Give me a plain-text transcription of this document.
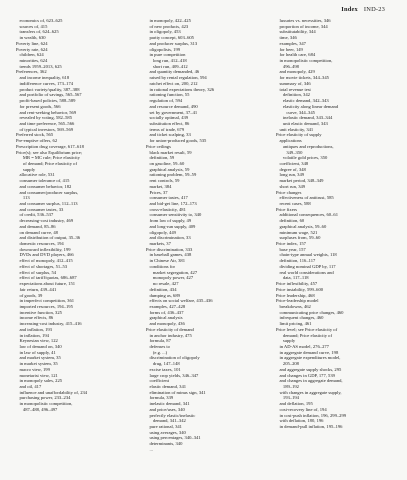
Index IND-23
economics of, 623–625
sources of, 415
transfers of, 624–625
in wealth, 630
Poverty line, 624
Poverty rate, 624
children, 624
minorities, 624
trends 1959–2013, 625
Preferences, 362
and income inequality, 618
indifference curves, 173–174
product variety/quality, 387–388
and portfolio of savings, 565–567
profit-based policies, 588–589
for present goods, 566
and rent-seeking behavior, 569
revealed by voting, 582–585
and time preference, 565–566
of typical investors, 569–569
Preferred stock, 565
Pre-emptive offers, 62
Prescription drug coverage, 617–618
Price(s); see also Equilibrium price;
MR = MC rule; Price elasticity
of demand; Price elasticity of
supply
allocative role, 531
consumer tolerance of, 415
and consumer behavior, 182
and consumer/producer surplus,
113
and consumer surplus, 112–113
and consumer tastes, 33
of credit, 536–537
decreasing-cost industry, 469
and demand, 85–86
on demand curve, 48
and distribution of output, 35–36
domestic resources, 194
downward inflexibility, 199
DVDs and DVD players, 466
effect of monopoly, 412–415
effect of shortages, 51–53
effect of surplus, 54
effect of tariff/quotas, 686–687
expectations about future, 151
fair return, 439–441
of goods, 39
in imperfect competition, 361
imported resources, 194–195
incentive function, 325
income effects, 86
increasing-cost industry, 415–416
and inflation, 193
in inflation, 194
Keynesian view, 122
law of demand on, 340
in law of supply, 41
and market system, 35
in market system, 35
macro view, 199
monetarist view, 121
in monopoly sales, 225
and oil, 417
influence and unaffordability of, 234
purchasing power, 233–234
in monopolistic competition,
487–488, 496–497
in monopoly, 422–425
of new products, 423
in oligopoly, 453
parity concept, 603–605
and producer surplus, 313
oligopolists, 199
in pure competition
long run, 412–418
short run, 409–412
and quantity demanded, 46
raised by rental regulation, 594
ratchet effect on, 200, 212
in rational expectations theory, 326
rationing function, 55
regulation of, 594
and resource demand, 490
set by government, 37–41
socially optimal, 439
substitution effect, 86
terms of trade, 679
and ticket scalping, 33
for union-produced goods, 535
Price ceilings
black market result, 59
definition, 59
on gasoline, 59–60
graphical analysis, 59
rationing problem, 59–59
rent controls, 59
market, 384
Prices, 37
consumer tastes, 417
and bid-get line, 172–173
cross-elasticity, 481
consumer sensitivity to, 340
from law of supply, 49
and long-run supply, 409
oligopoly, 449
and discrimination, 33
markets, 37
Price discrimination, 333
in baseball games, 438
in Chinese Air, 381
conditions for
market segregation, 427
monopoly power, 427
no resale, 427
definition, 434
dumping as, 689
effects on social welfare, 435–436
examples, 427–428
forms of, 436–437
graphical analysis
and monopoly, 436
Price elasticity of demand
in anchor industry, 475
formula, 87
defenses to
(e.g. ...)
discrimination of oligopoly
drug, 147–148
excise taxes, 101
large crop yields, 346–347
coefficient
elastic demand, 341
elimination of minus sign, 341
formula, 339
inelastic demand, 341
and price/uses, 340
perfectly elastic/inelastic
demand, 341–342
pure rational, 341
using averages, 340
using percentages, 340–341
determinants, 340
...
luxuries vs. necessities, 346
proportion of income, 344
substitutability, 344
time, 346
examples, 347
for beer, 149
for health care, 684
in monopolistic competition,
496–498
and monopoly, 429
for movie tickets, 344–345
summary of, 346
total revenue test
definition, 342
elastic demand, 342–343
elasticity along linear demand
curve, 344–345
inelastic demand, 343–344
unit elastic demand, 343
unit elasticity, 341
Price elasticity of supply
applications
antiques and reproductions,
349–350
volatile gold prices, 350
coefficient, 348
degree of, 348
long run, 349
market period, 348–349
short run, 349
Price changes
effectiveness of antitrust, 585
recent cases, 588
Price fixers
additional consequences, 60–61
definition, 60
graphical analysis, 59–60
minimum wage, 521
surpluses from, 59–60
Price index, 157
base year, 157
chain-type annual weights, 118
definition, 116–117
dividing nominal GDP by, 117
real world considerations and
data, 117–118
Price inflexibility, 457
Price instability, 599–600
Price leadership, 468
Price-leadership model
breakdowns, 462
communicating price changes, 460
infrequent changes, 460
limit pricing, 461
Price level; see Price elasticity of
demand; Price elasticity of
supply
in AD-AS model, 276–277
in aggregate demand curve, 198
in aggregate expenditures model,
205–208
and aggregate supply shocks, 295
and changes in GDP, 177, 539
and changes in aggregate demand,
189–192
with changes in aggregate supply,
193–194
and deflation, 195
cost-recovery line of, 194
in cost-push inflation, 196, 299–299
with deflation, 180, 196
in demand-pull inflation, 195–196
